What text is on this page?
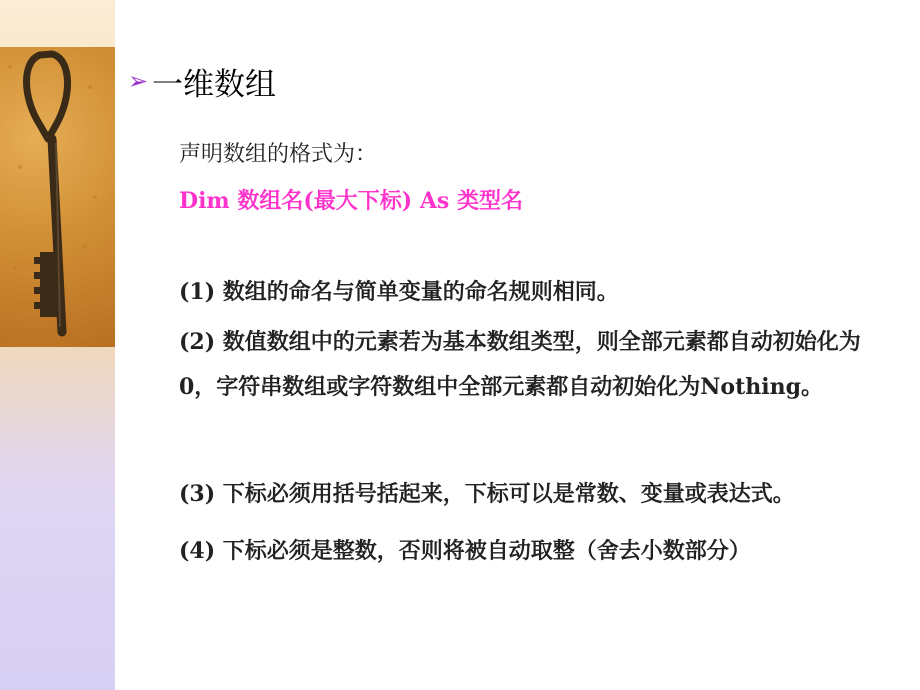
➢ 一维数组
声明数组的格式为：
Dim 数组名(最大下标) As 类型名
(1) 数组的命名与简单变量的命名规则相同。
(2) 数值数组中的元素若为基本数组类型，则全部元素都自动初始化为0，字符串数组或字符数组中全部元素都自动初始化为Nothing。
(3) 下标必须用括号括起来，下标可以是常数、变量或表达式。
(4) 下标必须是整数，否则将被自动取整（舍去小数部分）
